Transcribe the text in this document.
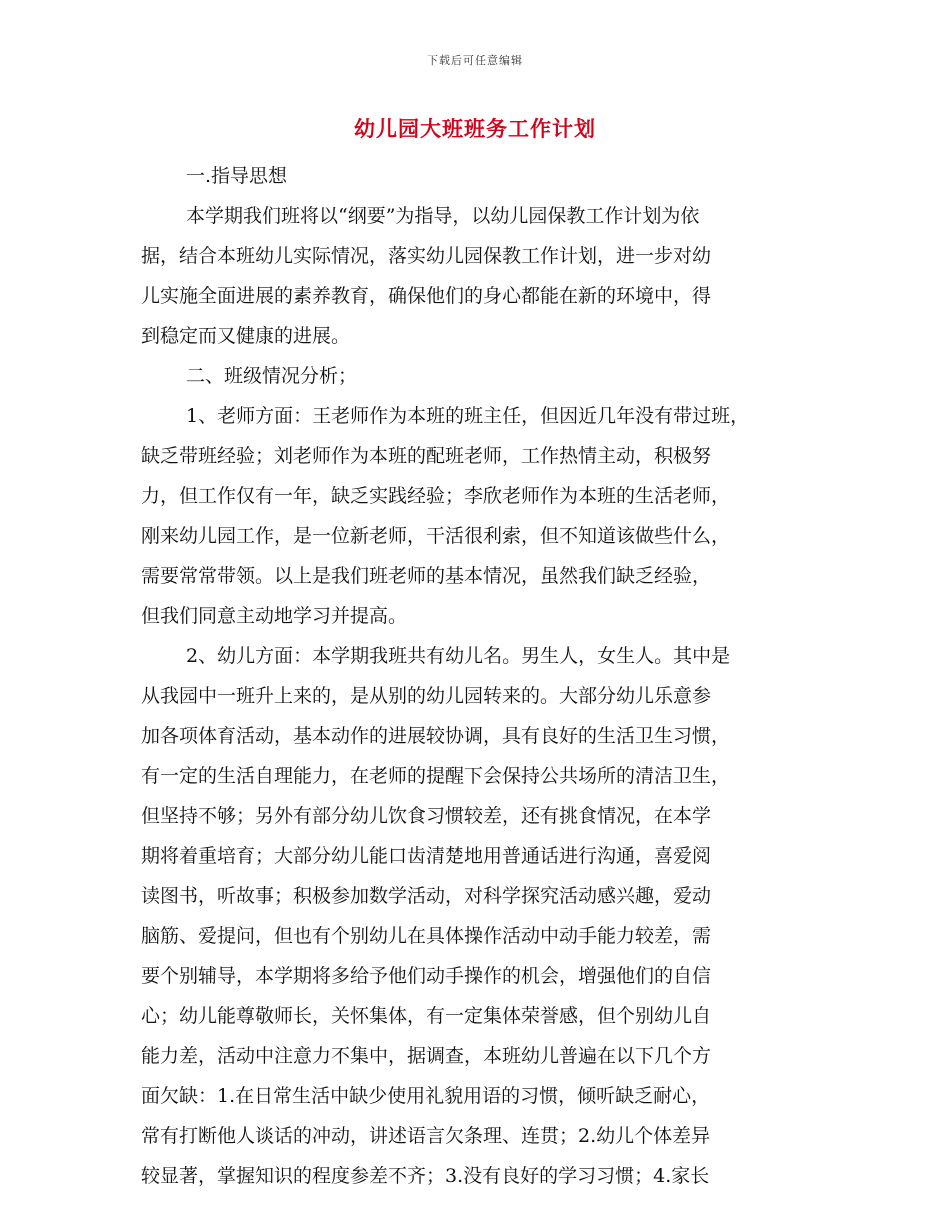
下载后可任意编辑
幼儿园大班班务工作计划
一.指导思想
本学期我们班将以“纲要”为指导，以幼儿园保教工作计划为依
据，结合本班幼儿实际情况，落实幼儿园保教工作计划，进一步对幼
儿实施全面进展的素养教育，确保他们的身心都能在新的环境中，得
到稳定而又健康的进展。
二、班级情况分析；
1、老师方面：王老师作为本班的班主任，但因近几年没有带过班，
缺乏带班经验；刘老师作为本班的配班老师，工作热情主动，积极努
力，但工作仅有一年，缺乏实践经验；李欣老师作为本班的生活老师，
刚来幼儿园工作，是一位新老师，干活很利索，但不知道该做些什么，
需要常常带领。以上是我们班老师的基本情况，虽然我们缺乏经验，
但我们同意主动地学习并提高。
2、幼儿方面：本学期我班共有幼儿名。男生人，女生人。其中是
从我园中一班升上来的，是从别的幼儿园转来的。大部分幼儿乐意参
加各项体育活动，基本动作的进展较协调，具有良好的生活卫生习惯，
有一定的生活自理能力，在老师的提醒下会保持公共场所的清洁卫生，
但坚持不够；另外有部分幼儿饮食习惯较差，还有挑食情况，在本学
期将着重培育；大部分幼儿能口齿清楚地用普通话进行沟通，喜爱阅
读图书，听故事；积极参加数学活动，对科学探究活动感兴趣，爱动
脑筋、爱提问，但也有个别幼儿在具体操作活动中动手能力较差，需
要个别辅导，本学期将多给予他们动手操作的机会，增强他们的自信
心；幼儿能尊敬师长，关怀集体，有一定集体荣誉感，但个别幼儿自
能力差，活动中注意力不集中，据调查，本班幼儿普遍在以下几个方
面欠缺：1.在日常生活中缺少使用礼貌用语的习惯，倾听缺乏耐心，
常有打断他人谈话的冲动，讲述语言欠条理、连贯；2.幼儿个体差异
较显著，掌握知识的程度参差不齐；3.没有良好的学习习惯；4.家长
